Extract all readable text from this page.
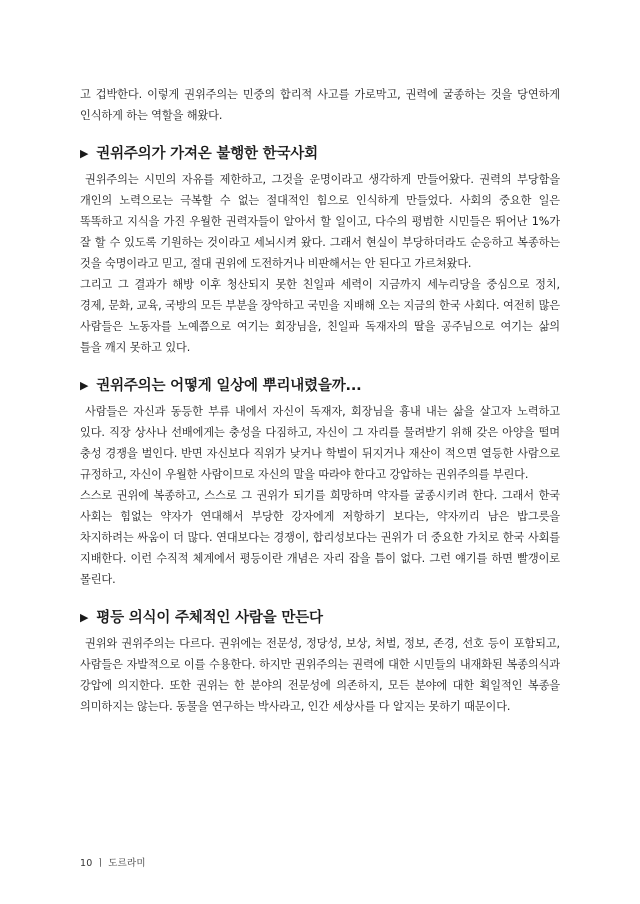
고 겁박한다. 이렇게 권위주의는 민중의 합리적 사고를 가로막고, 권력에 굴종하는 것을 당연하게 인식하게 하는 역할을 해왔다.

▶ 권위주의가 가져온 불행한 한국사회

권위주의는 시민의 자유를 제한하고, 그것을 운명이라고 생각하게 만들어왔다. 권력의 부당함을 개인의 노력으로는 극복할 수 없는 절대적인 힘으로 인식하게 만들었다. 사회의 중요한 일은 똑똑하고 지식을 가진 우월한 권력자들이 알아서 할 일이고, 다수의 평범한 시민들은 뛰어난 1%가 잘 할 수 있도록 기원하는 것이라고 세뇌시켜 왔다. 그래서 현실이 부당하더라도 순응하고 복종하는 것을 숙명이라고 믿고, 절대 권위에 도전하거나 비판해서는 안 된다고 가르쳐왔다.

그리고 그 결과가 해방 이후 청산되지 못한 친일파 세력이 지금까지 세누리당을 중심으로 정치, 경제, 문화, 교육, 국방의 모든 부분을 장악하고 국민을 지배해 오는 지금의 한국 사회다. 여전히 많은 사람들은 노동자를 노예쯤으로 여기는 회장님을, 친일파 독재자의 딸을 공주님으로 여기는 삶의 틀을 깨지 못하고 있다.

▶ 권위주의는 어떻게 일상에 뿌리내렸을까...

사람들은 자신과 동등한 부류 내에서 자신이 독재자, 회장님을 흉내 내는 삶을 살고자 노력하고 있다. 직장 상사나 선배에게는 충성을 다짐하고, 자신이 그 자리를 물려받기 위해 갖은 아양을 떨며 충성 경쟁을 벌인다. 반면 자신보다 직위가 낮거나 학벌이 뒤지거나 재산이 적으면 열등한 사람으로 규정하고, 자신이 우월한 사람이므로 자신의 말을 따라야 한다고 강압하는 권위주의를 부린다.

스스로 권위에 복종하고, 스스로 그 권위가 되기를 희망하며 약자를 굴종시키려 한다. 그래서 한국 사회는 힘없는 약자가 연대해서 부당한 강자에게 저항하기 보다는, 약자끼리 남은 밥그릇을 차지하려는 싸움이 더 많다. 연대보다는 경쟁이, 합리성보다는 권위가 더 중요한 가치로 한국 사회를 지배한다. 이런 수직적 체계에서 평등이란 개념은 자리 잡을 틈이 없다. 그런 얘기를 하면 빨갱이로 몰린다.

▶ 평등 의식이 주체적인 사람을 만든다

권위와 권위주의는 다르다. 권위에는 전문성, 정당성, 보상, 처벌, 정보, 존경, 선호 등이 포함되고, 사람들은 자발적으로 이를 수용한다. 하지만 권위주의는 권력에 대한 시민들의 내재화된 복종의식과 강압에 의지한다. 또한 권위는 한 분야의 전문성에 의존하지, 모든 분야에 대한 획일적인 복종을 의미하지는 않는다. 동물을 연구하는 박사라고, 인간 세상사를 다 알지는 못하기 때문이다.

10 ㅣ 도르라미
